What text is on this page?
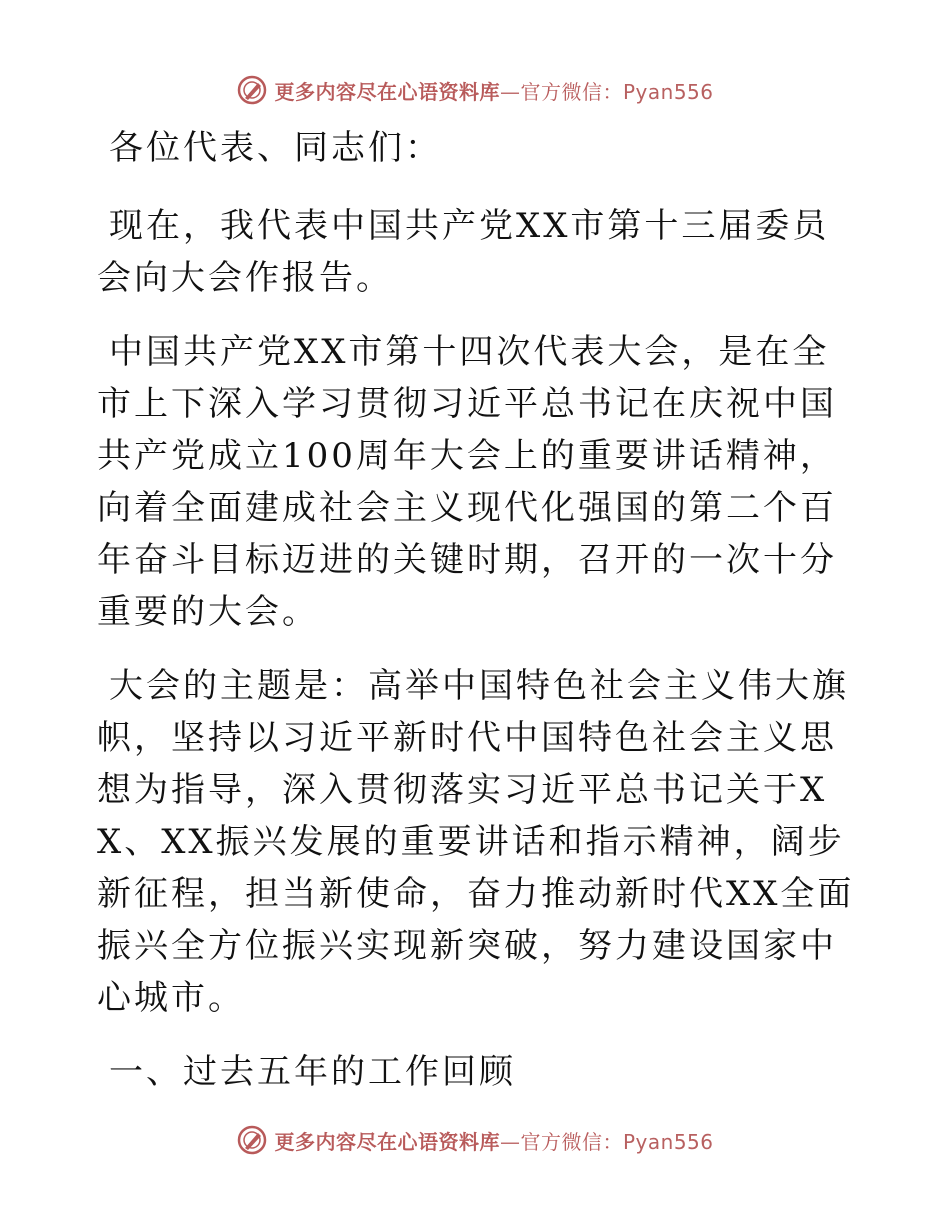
更多内容尽在心语资料库—官方微信：Pyan556

各位代表、同志们：

现在，我代表中国共产党XX市第十三届委员会向大会作报告。

中国共产党XX市第十四次代表大会，是在全市上下深入学习贯彻习近平总书记在庆祝中国共产党成立100周年大会上的重要讲话精神，向着全面建成社会主义现代化强国的第二个百年奋斗目标迈进的关键时期，召开的一次十分重要的大会。

大会的主题是：高举中国特色社会主义伟大旗帜，坚持以习近平新时代中国特色社会主义思想为指导，深入贯彻落实习近平总书记关于XX、XX振兴发展的重要讲话和指示精神，阔步新征程，担当新使命，奋力推动新时代XX全面振兴全方位振兴实现新突破，努力建设国家中心城市。

一、过去五年的工作回顾

更多内容尽在心语资料库—官方微信：Pyan556
